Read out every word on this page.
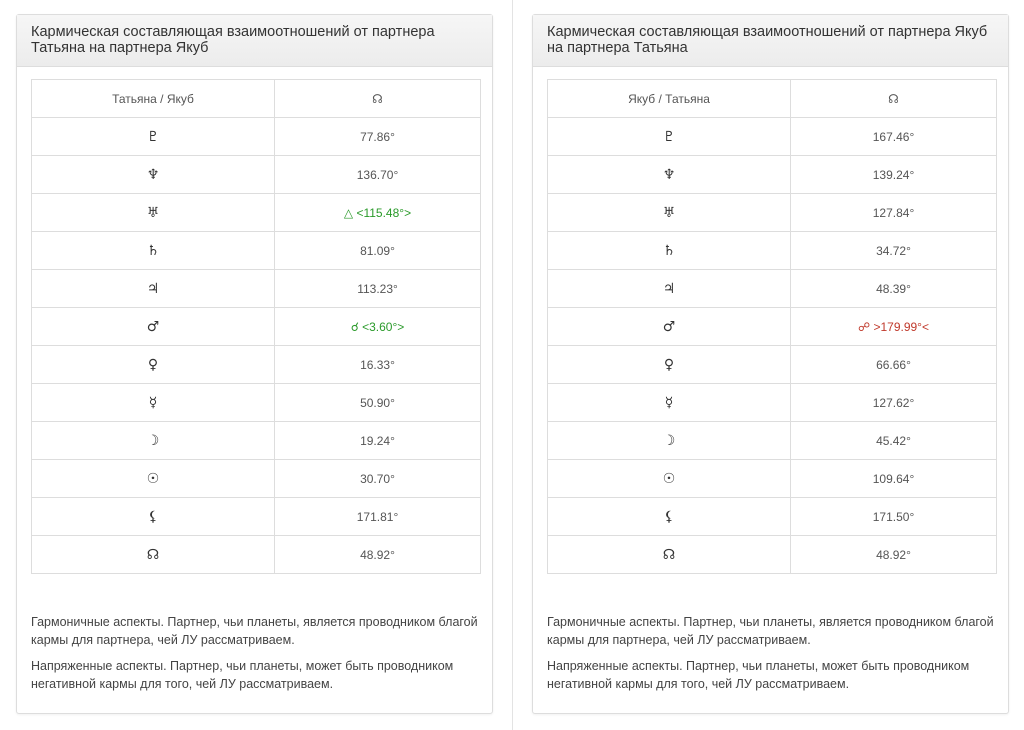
Кармическая составляющая взаимоотношений от партнера Татьяна на партнера Якуб
Татьяна / Якуб	☊
♇	77.86°
♆	136.70°
♅	△ <115.48°>
♄	81.09°
♃	113.23°
♂	☌ <3.60°>
♀	16.33°
☿	50.90°
☽	19.24°
☉	30.70°
⚸	171.81°
☊	48.92°

Гармоничные аспекты. Партнер, чьи планеты, является проводником благой кармы для партнера, чей ЛУ рассматриваем.

Напряженные аспекты. Партнер, чьи планеты, может быть проводником негативной кармы для того, чей ЛУ рассматриваем.

Кармическая составляющая взаимоотношений от партнера Якуб на партнера Татьяна
Якуб / Татьяна	☊
♇	167.46°
♆	139.24°
♅	127.84°
♄	34.72°
♃	48.39°
♂	☍ >179.99°<
♀	66.66°
☿	127.62°
☽	45.42°
☉	109.64°
⚸	171.50°
☊	48.92°

Гармоничные аспекты. Партнер, чьи планеты, является проводником благой кармы для партнера, чей ЛУ рассматриваем.

Напряженные аспекты. Партнер, чьи планеты, может быть проводником негативной кармы для того, чей ЛУ рассматриваем.
